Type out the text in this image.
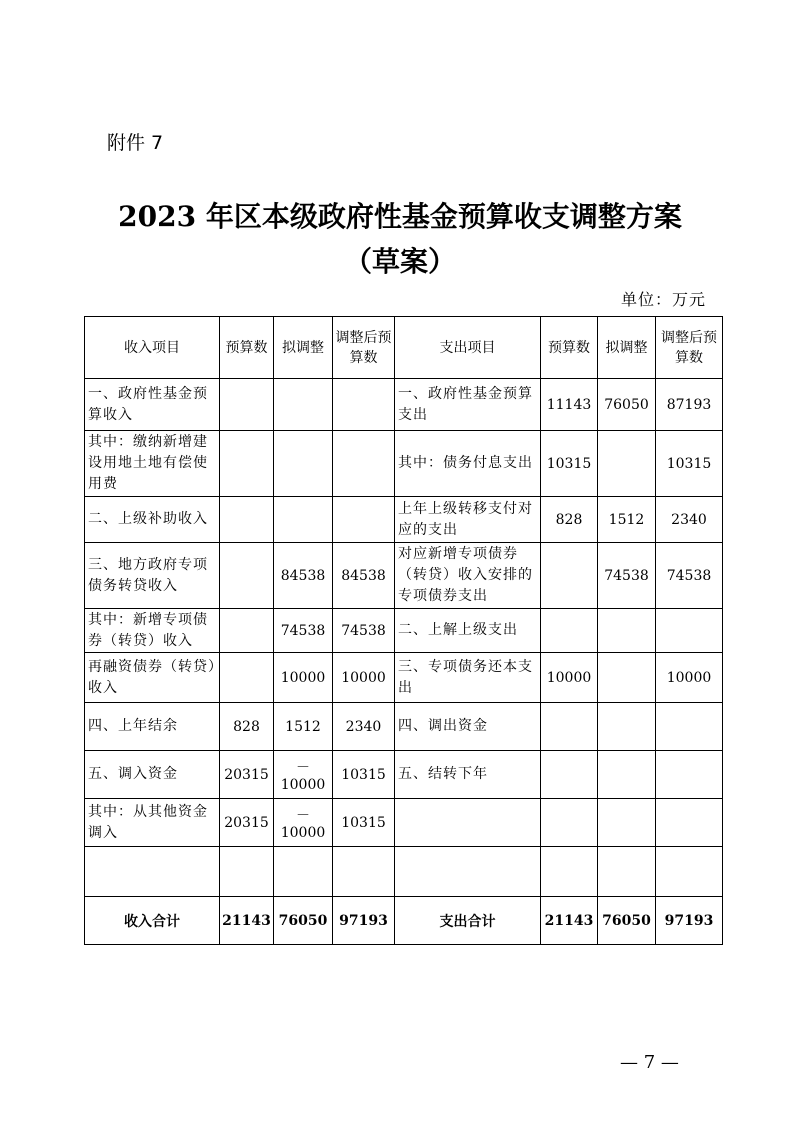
附件 7
2023 年区本级政府性基金预算收支调整方案
（草案）
单位：万元
收入项目	预算数	拟调整	调整后预算数	支出项目	预算数	拟调整	调整后预算数
一、政府性基金预算收入				一、政府性基金预算支出	11143	76050	87193
其中：缴纳新增建设用地土地有偿使用费				其中：债务付息支出	10315		10315
二、上级补助收入				上年上级转移支付对应的支出	828	1512	2340
三、地方政府专项债务转贷收入		84538	84538	对应新增专项债券（转贷）收入安排的专项债券支出		74538	74538
其中：新增专项债券（转贷）收入		74538	74538	二、上解上级支出			
再融资债券（转贷）收入		10000	10000	三、专项债务还本支出	10000		10000
四、上年结余	828	1512	2340	四、调出资金			
五、调入资金	20315	－10000	10315	五、结转下年			
其中：从其他资金调入	20315	－10000	10315				

收入合计	21143	76050	97193	支出合计	21143	76050	97193
— 7 —
